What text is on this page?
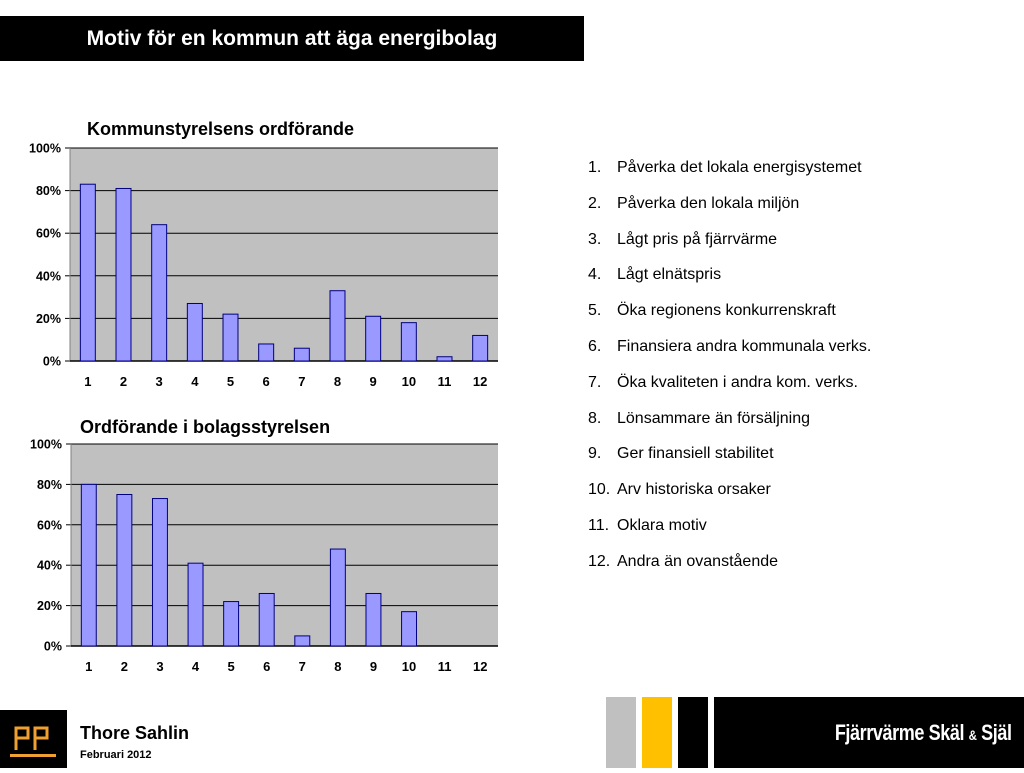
Motiv för en kommun att äga energibolag
Kommunstyrelsens ordförande
0%
20%
40%
60%
80%
100%
1 2 3 4 5 6 7 8 9 10 11 12
Ordförande i bolagsstyrelsen
0%
20%
40%
60%
80%
100%
1 2 3 4 5 6 7 8 9 10 11 12
1. Påverka det lokala energisystemet
2. Påverka den lokala miljön
3. Lågt pris på fjärrvärme
4. Lågt elnätspris
5. Öka regionens konkurrenskraft
6. Finansiera andra kommunala verks.
7. Öka kvaliteten i andra kom. verks.
8. Lönsammare än försäljning
9. Ger finansiell stabilitet
10. Arv historiska orsaker
11. Oklara motiv
12. Andra än ovanstående
Thore Sahlin
Februari 2012
Fjärrvärme Skäl & Själ
